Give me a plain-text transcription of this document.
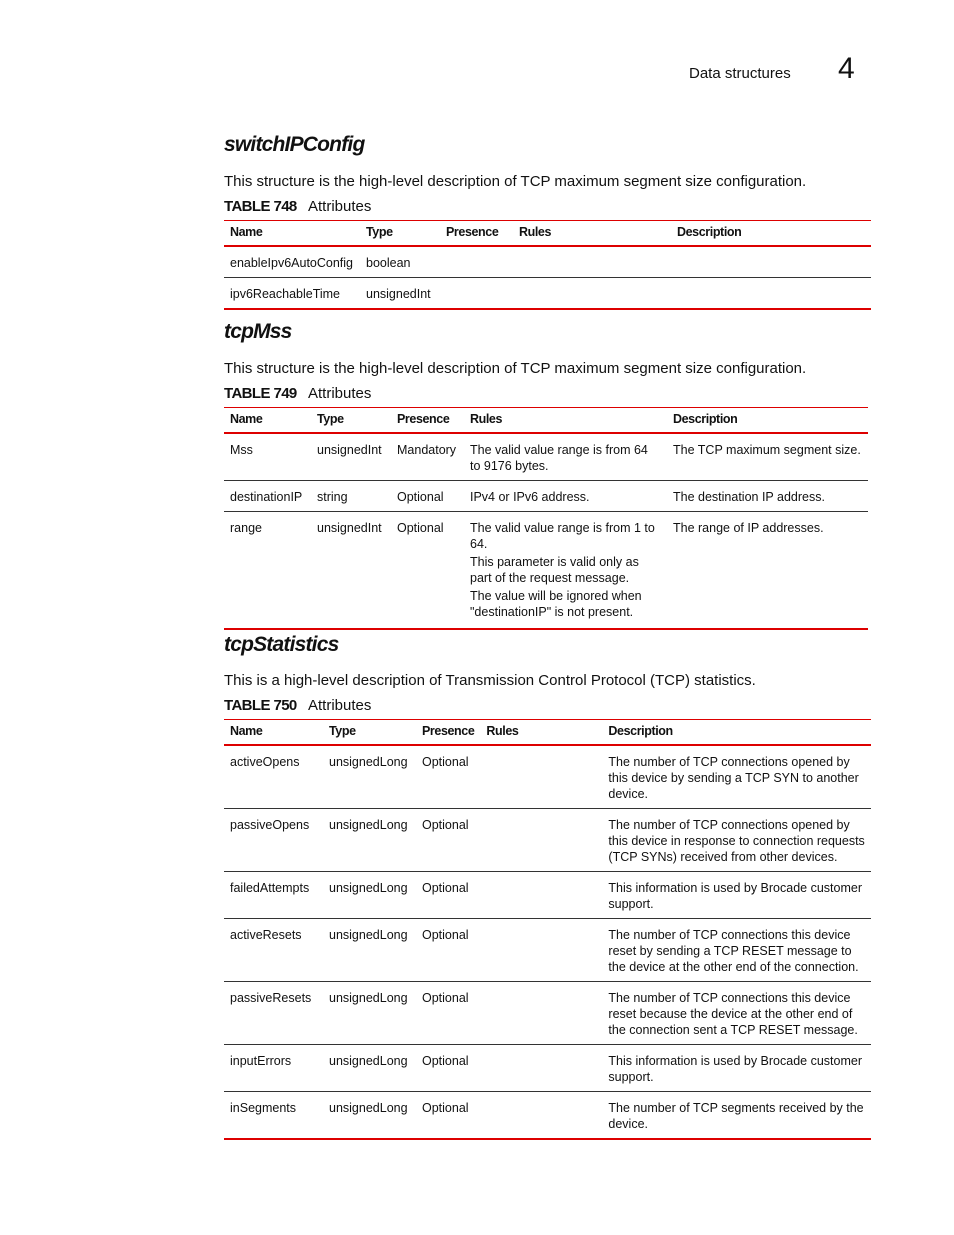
Data structures 4
switchIPConfig
This structure is the high-level description of TCP maximum segment size configuration.
TABLE 748 Attributes
Name	Type	Presence	Rules	Description
enableIpv6AutoConfig	boolean			
ipv6ReachableTime	unsignedInt			
tcpMss
This structure is the high-level description of TCP maximum segment size configuration.
TABLE 749 Attributes
Name	Type	Presence	Rules	Description
Mss	unsignedInt	Mandatory	The valid value range is from 64 to 9176 bytes.	The TCP maximum segment size.
destinationIP	string	Optional	IPv4 or IPv6 address.	The destination IP address.
range	unsignedInt	Optional	The valid value range is from 1 to 64.

This parameter is valid only as part of the request message.

The value will be ignored when "destinationIP" is not present.	The range of IP addresses.
tcpStatistics
This is a high-level description of Transmission Control Protocol (TCP) statistics.
TABLE 750 Attributes
Name	Type	Presence	Rules	Description
activeOpens	unsignedLong	Optional		The number of TCP connections opened by this device by sending a TCP SYN to another device.
passiveOpens	unsignedLong	Optional		The number of TCP connections opened by this device in response to connection requests (TCP SYNs) received from other devices.
failedAttempts	unsignedLong	Optional		This information is used by Brocade customer support.
activeResets	unsignedLong	Optional		The number of TCP connections this device reset by sending a TCP RESET message to the device at the other end of the connection.
passiveResets	unsignedLong	Optional		The number of TCP connections this device reset because the device at the other end of the connection sent a TCP RESET message.
inputErrors	unsignedLong	Optional		This information is used by Brocade customer support.
inSegments	unsignedLong	Optional		The number of TCP segments received by the device.
